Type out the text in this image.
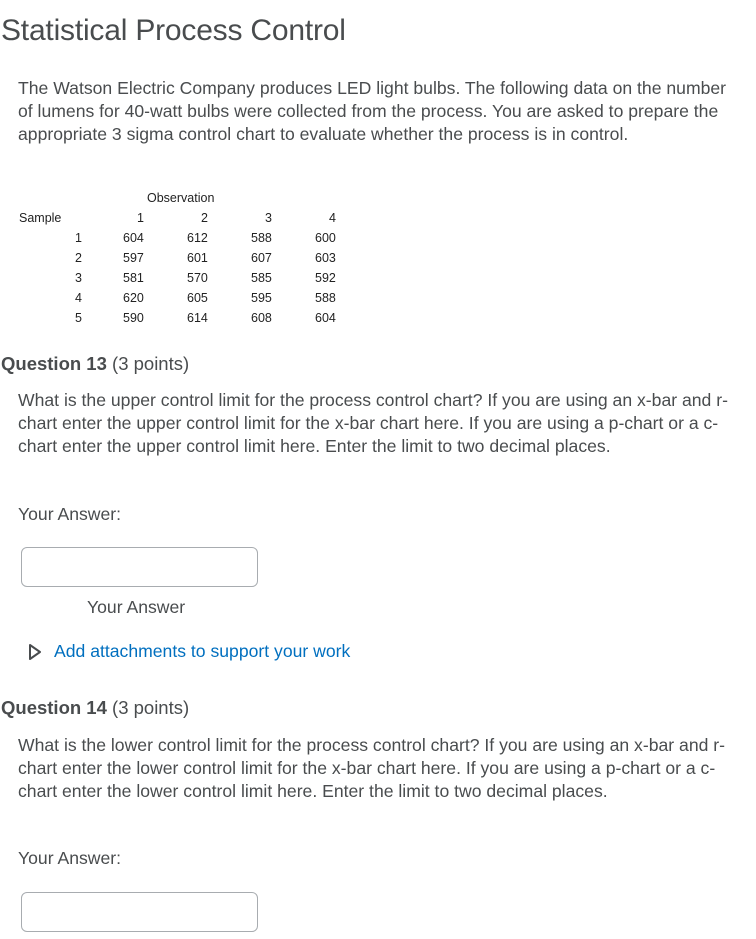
Statistical Process Control

The Watson Electric Company produces LED light bulbs. The following data on the number of lumens for 40-watt bulbs were collected from the process. You are asked to prepare the appropriate 3 sigma control chart to evaluate whether the process is in control.

Observation
Sample	1	2	3	4
1	604	612	588	600
2	597	601	607	603
3	581	570	585	592
4	620	605	595	588
5	590	614	608	604
Question 13 (3 points)

What is the upper control limit for the process control chart? If you are using an x-bar and r-chart enter the upper control limit for the x-bar chart here. If you are using a p-chart or a c-chart enter the upper control limit here. Enter the limit to two decimal places.

Your Answer:
Your Answer
Add attachments to support your work
Question 14 (3 points)

What is the lower control limit for the process control chart? If you are using an x-bar and r-chart enter the lower control limit for the x-bar chart here. If you are using a p-chart or a c-chart enter the lower control limit here. Enter the limit to two decimal places.

Your Answer:
